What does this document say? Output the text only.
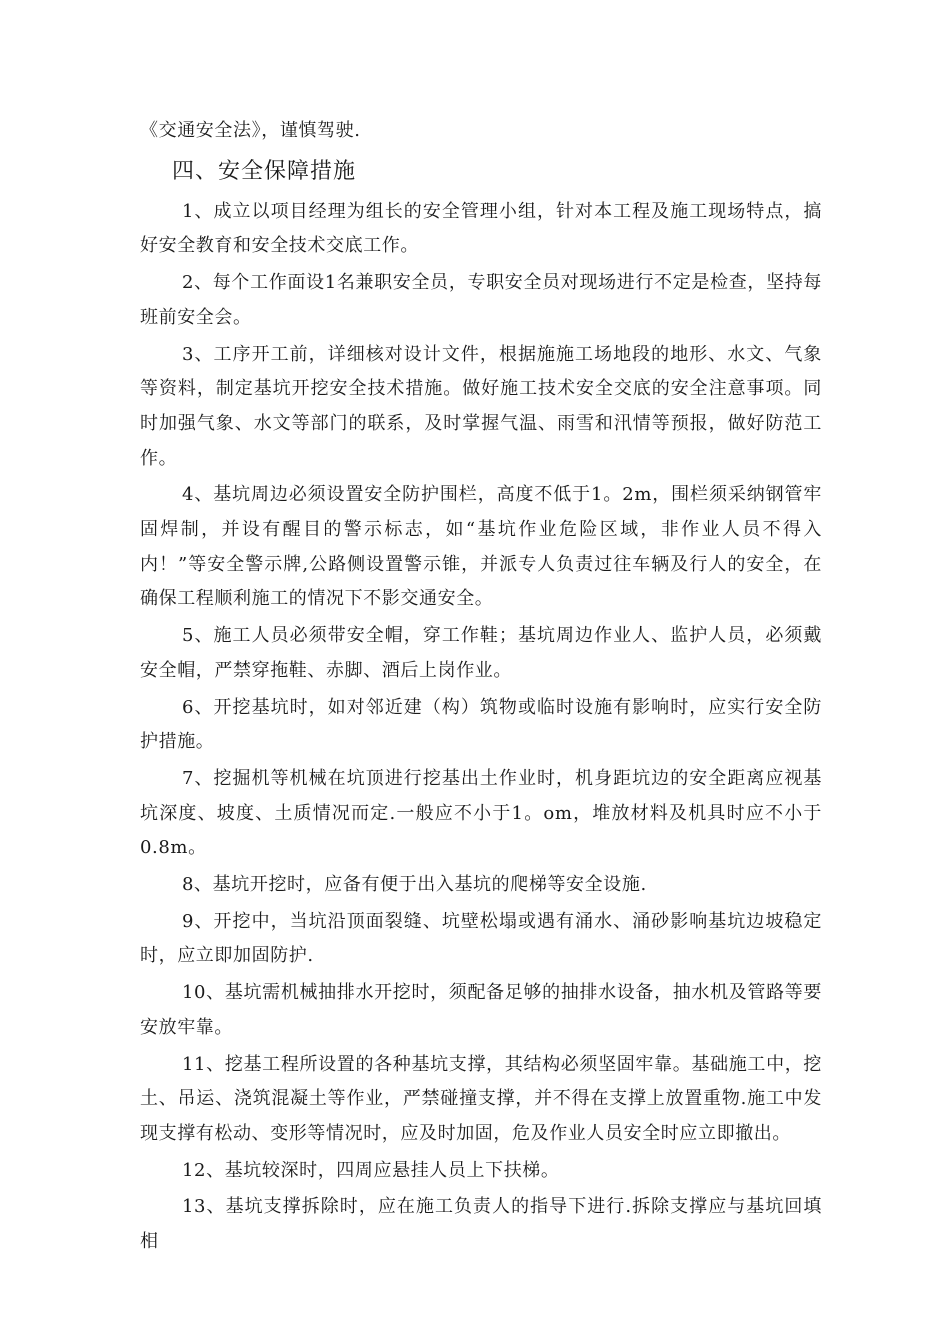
《交通安全法》，谨慎驾驶.

四、安全保障措施

1、成立以项目经理为组长的安全管理小组，针对本工程及施工现场特点，搞好安全教育和安全技术交底工作。

2、每个工作面设1名兼职安全员，专职安全员对现场进行不定是检查，坚持每班前安全会。

3、工序开工前，详细核对设计文件，根据施施工场地段的地形、水文、气象等资料，制定基坑开挖安全技术措施。做好施工技术安全交底的安全注意事项。同时加强气象、水文等部门的联系，及时掌握气温、雨雪和汛情等预报，做好防范工作。

4、基坑周边必须设置安全防护围栏，高度不低于1。2m，围栏须采纳钢管牢固焊制，并设有醒目的警示标志，如“基坑作业危险区域，非作业人员不得入内！”等安全警示牌,公路侧设置警示锥，并派专人负责过往车辆及行人的安全，在确保工程顺利施工的情况下不影交通安全。

5、施工人员必须带安全帽，穿工作鞋；基坑周边作业人、监护人员，必须戴安全帽，严禁穿拖鞋、赤脚、酒后上岗作业。

6、开挖基坑时，如对邻近建（构）筑物或临时设施有影响时，应实行安全防护措施。

7、挖掘机等机械在坑顶进行挖基出土作业时，机身距坑边的安全距离应视基坑深度、坡度、土质情况而定.一般应不小于1。om，堆放材料及机具时应不小于0.8m。

8、基坑开挖时，应备有便于出入基坑的爬梯等安全设施.

9、开挖中，当坑沿顶面裂缝、坑壁松塌或遇有涌水、涌砂影响基坑边坡稳定时，应立即加固防护.

10、基坑需机械抽排水开挖时，须配备足够的抽排水设备，抽水机及管路等要安放牢靠。

11、挖基工程所设置的各种基坑支撑，其结构必须坚固牢靠。基础施工中，挖土、吊运、浇筑混凝土等作业，严禁碰撞支撑，并不得在支撑上放置重物.施工中发现支撑有松动、变形等情况时，应及时加固，危及作业人员安全时应立即撤出。

12、基坑较深时，四周应悬挂人员上下扶梯。

13、基坑支撑拆除时，应在施工负责人的指导下进行.拆除支撑应与基坑回填相
